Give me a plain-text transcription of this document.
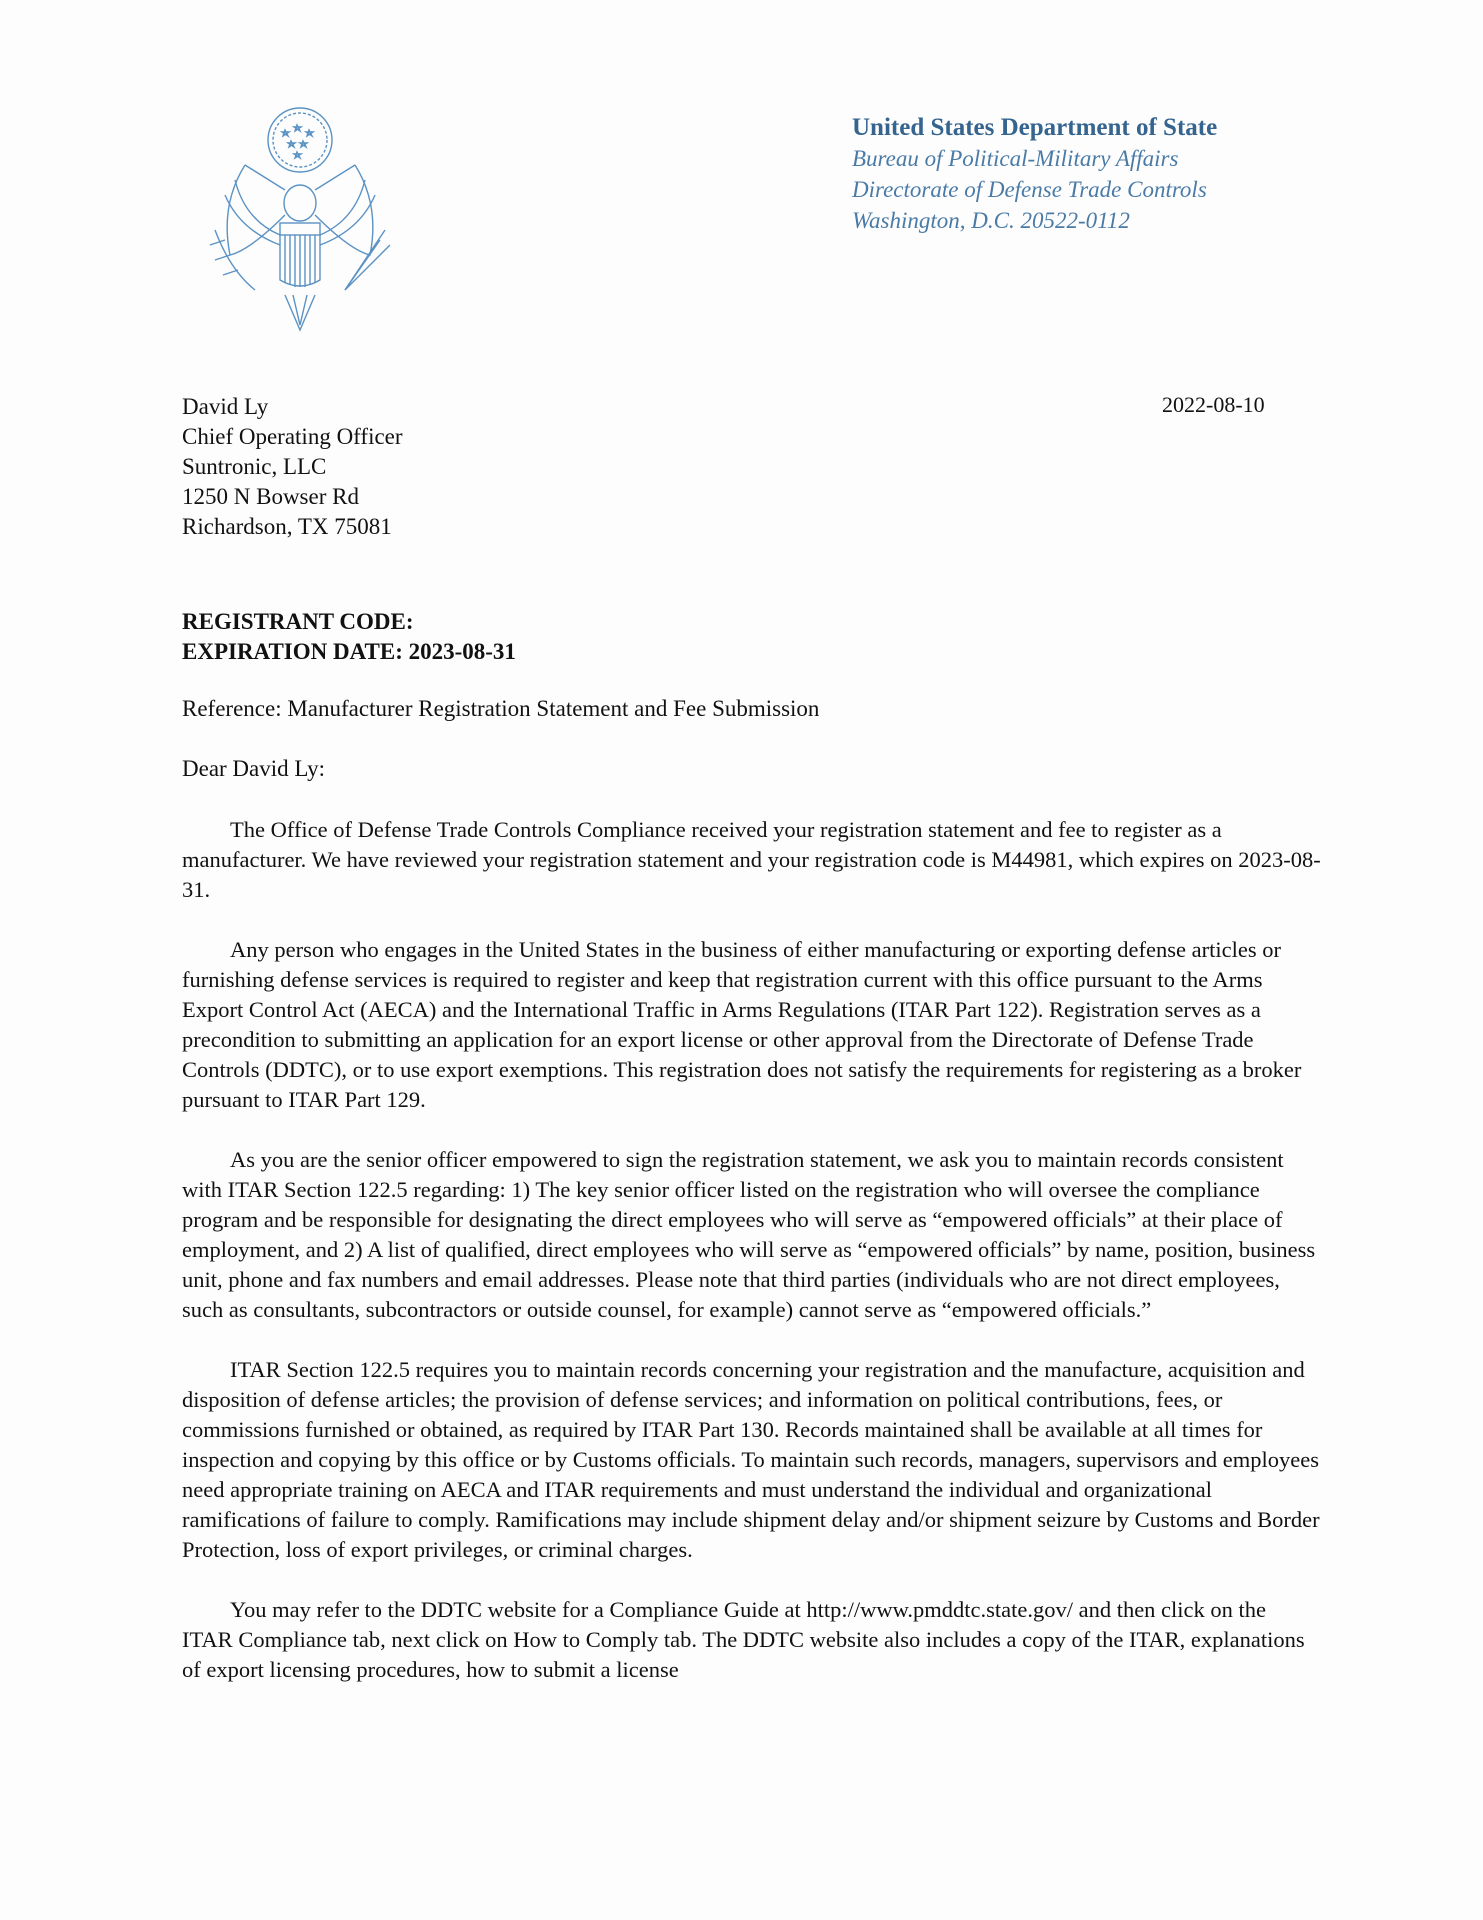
United States Department of State
Bureau of Political-Military Affairs
Directorate of Defense Trade Controls
Washington, D.C. 20522-0112
2022-08-10
David Ly
Chief Operating Officer
Suntronic, LLC
1250 N Bowser Rd
Richardson, TX 75081
REGISTRANT CODE:
EXPIRATION DATE: 2023-08-31
Reference: Manufacturer Registration Statement and Fee Submission
Dear David Ly:

The Office of Defense Trade Controls Compliance received your registration statement and fee to register as a manufacturer. We have reviewed your registration statement and your registration code is M44981, which expires on 2023-08-31.

Any person who engages in the United States in the business of either manufacturing or exporting defense articles or furnishing defense services is required to register and keep that registration current with this office pursuant to the Arms Export Control Act (AECA) and the International Traffic in Arms Regulations (ITAR Part 122). Registration serves as a precondition to submitting an application for an export license or other approval from the Directorate of Defense Trade Controls (DDTC), or to use export exemptions. This registration does not satisfy the requirements for registering as a broker pursuant to ITAR Part 129.

As you are the senior officer empowered to sign the registration statement, we ask you to maintain records consistent with ITAR Section 122.5 regarding: 1) The key senior officer listed on the registration who will oversee the compliance program and be responsible for designating the direct employees who will serve as “empowered officials” at their place of employment, and 2) A list of qualified, direct employees who will serve as “empowered officials” by name, position, business unit, phone and fax numbers and email addresses. Please note that third parties (individuals who are not direct employees, such as consultants, subcontractors or outside counsel, for example) cannot serve as “empowered officials.”

ITAR Section 122.5 requires you to maintain records concerning your registration and the manufacture, acquisition and disposition of defense articles; the provision of defense services; and information on political contributions, fees, or commissions furnished or obtained, as required by ITAR Part 130. Records maintained shall be available at all times for inspection and copying by this office or by Customs officials. To maintain such records, managers, supervisors and employees need appropriate training on AECA and ITAR requirements and must understand the individual and organizational ramifications of failure to comply. Ramifications may include shipment delay and/or shipment seizure by Customs and Border Protection, loss of export privileges, or criminal charges.

You may refer to the DDTC website for a Compliance Guide at http://www.pmddtc.state.gov/ and then click on the ITAR Compliance tab, next click on How to Comply tab. The DDTC website also includes a copy of the ITAR, explanations of export licensing procedures, how to submit a license
